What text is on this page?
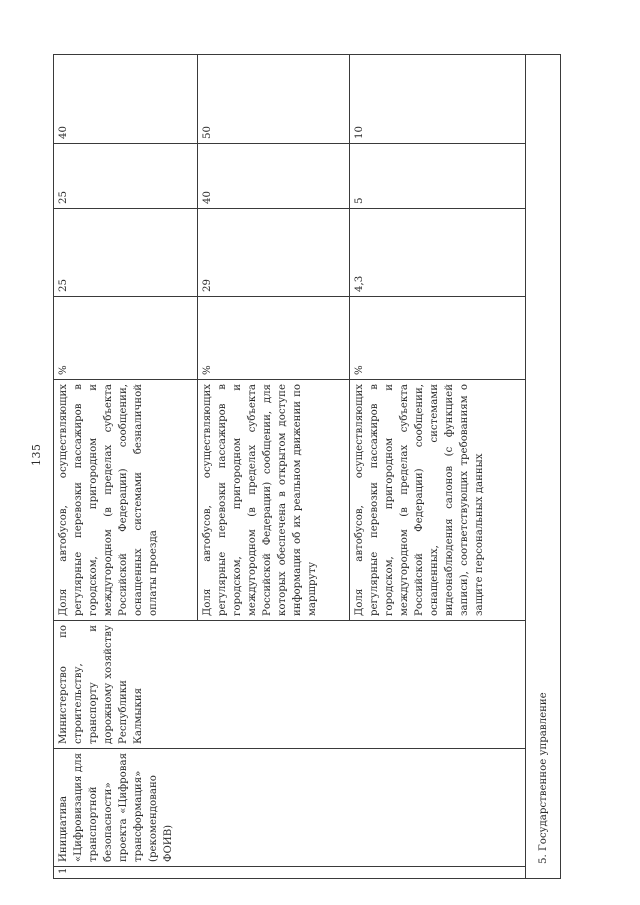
135
1	Инициатива «Цифровизация для транспортной безопасности» проекта «Цифровая трансформация» (рекомендовано ФОИВ)	Министерство по строительству, транспорту и дорожному хозяйству Республики Калмыкия	Доля автобусов, осуществляющих регулярные перевозки пассажиров в городском, пригородном и междугородном (в пределах субъекта Российской Федерации) сообщении, оснащенных системами безналичной оплаты проезда	%	25	25	40
			Доля автобусов, осуществляющих регулярные перевозки пассажиров в городском, пригородном и междугородном (в пределах субъекта Российской Федерации) сообщении, для которых обеспечена в открытом доступе информация об их реальном движении по маршруту	%	29	40	50
			Доля автобусов, осуществляющих регулярные перевозки пассажиров в городском, пригородном и междугородном (в пределах субъекта Российской Федерации) сообщении, оснащенных, системами видеонаблюдения салонов (с функцией записи), соответствующих требованиям о защите персональных данных	%	4,3	5	10
5. Государственное управление							
